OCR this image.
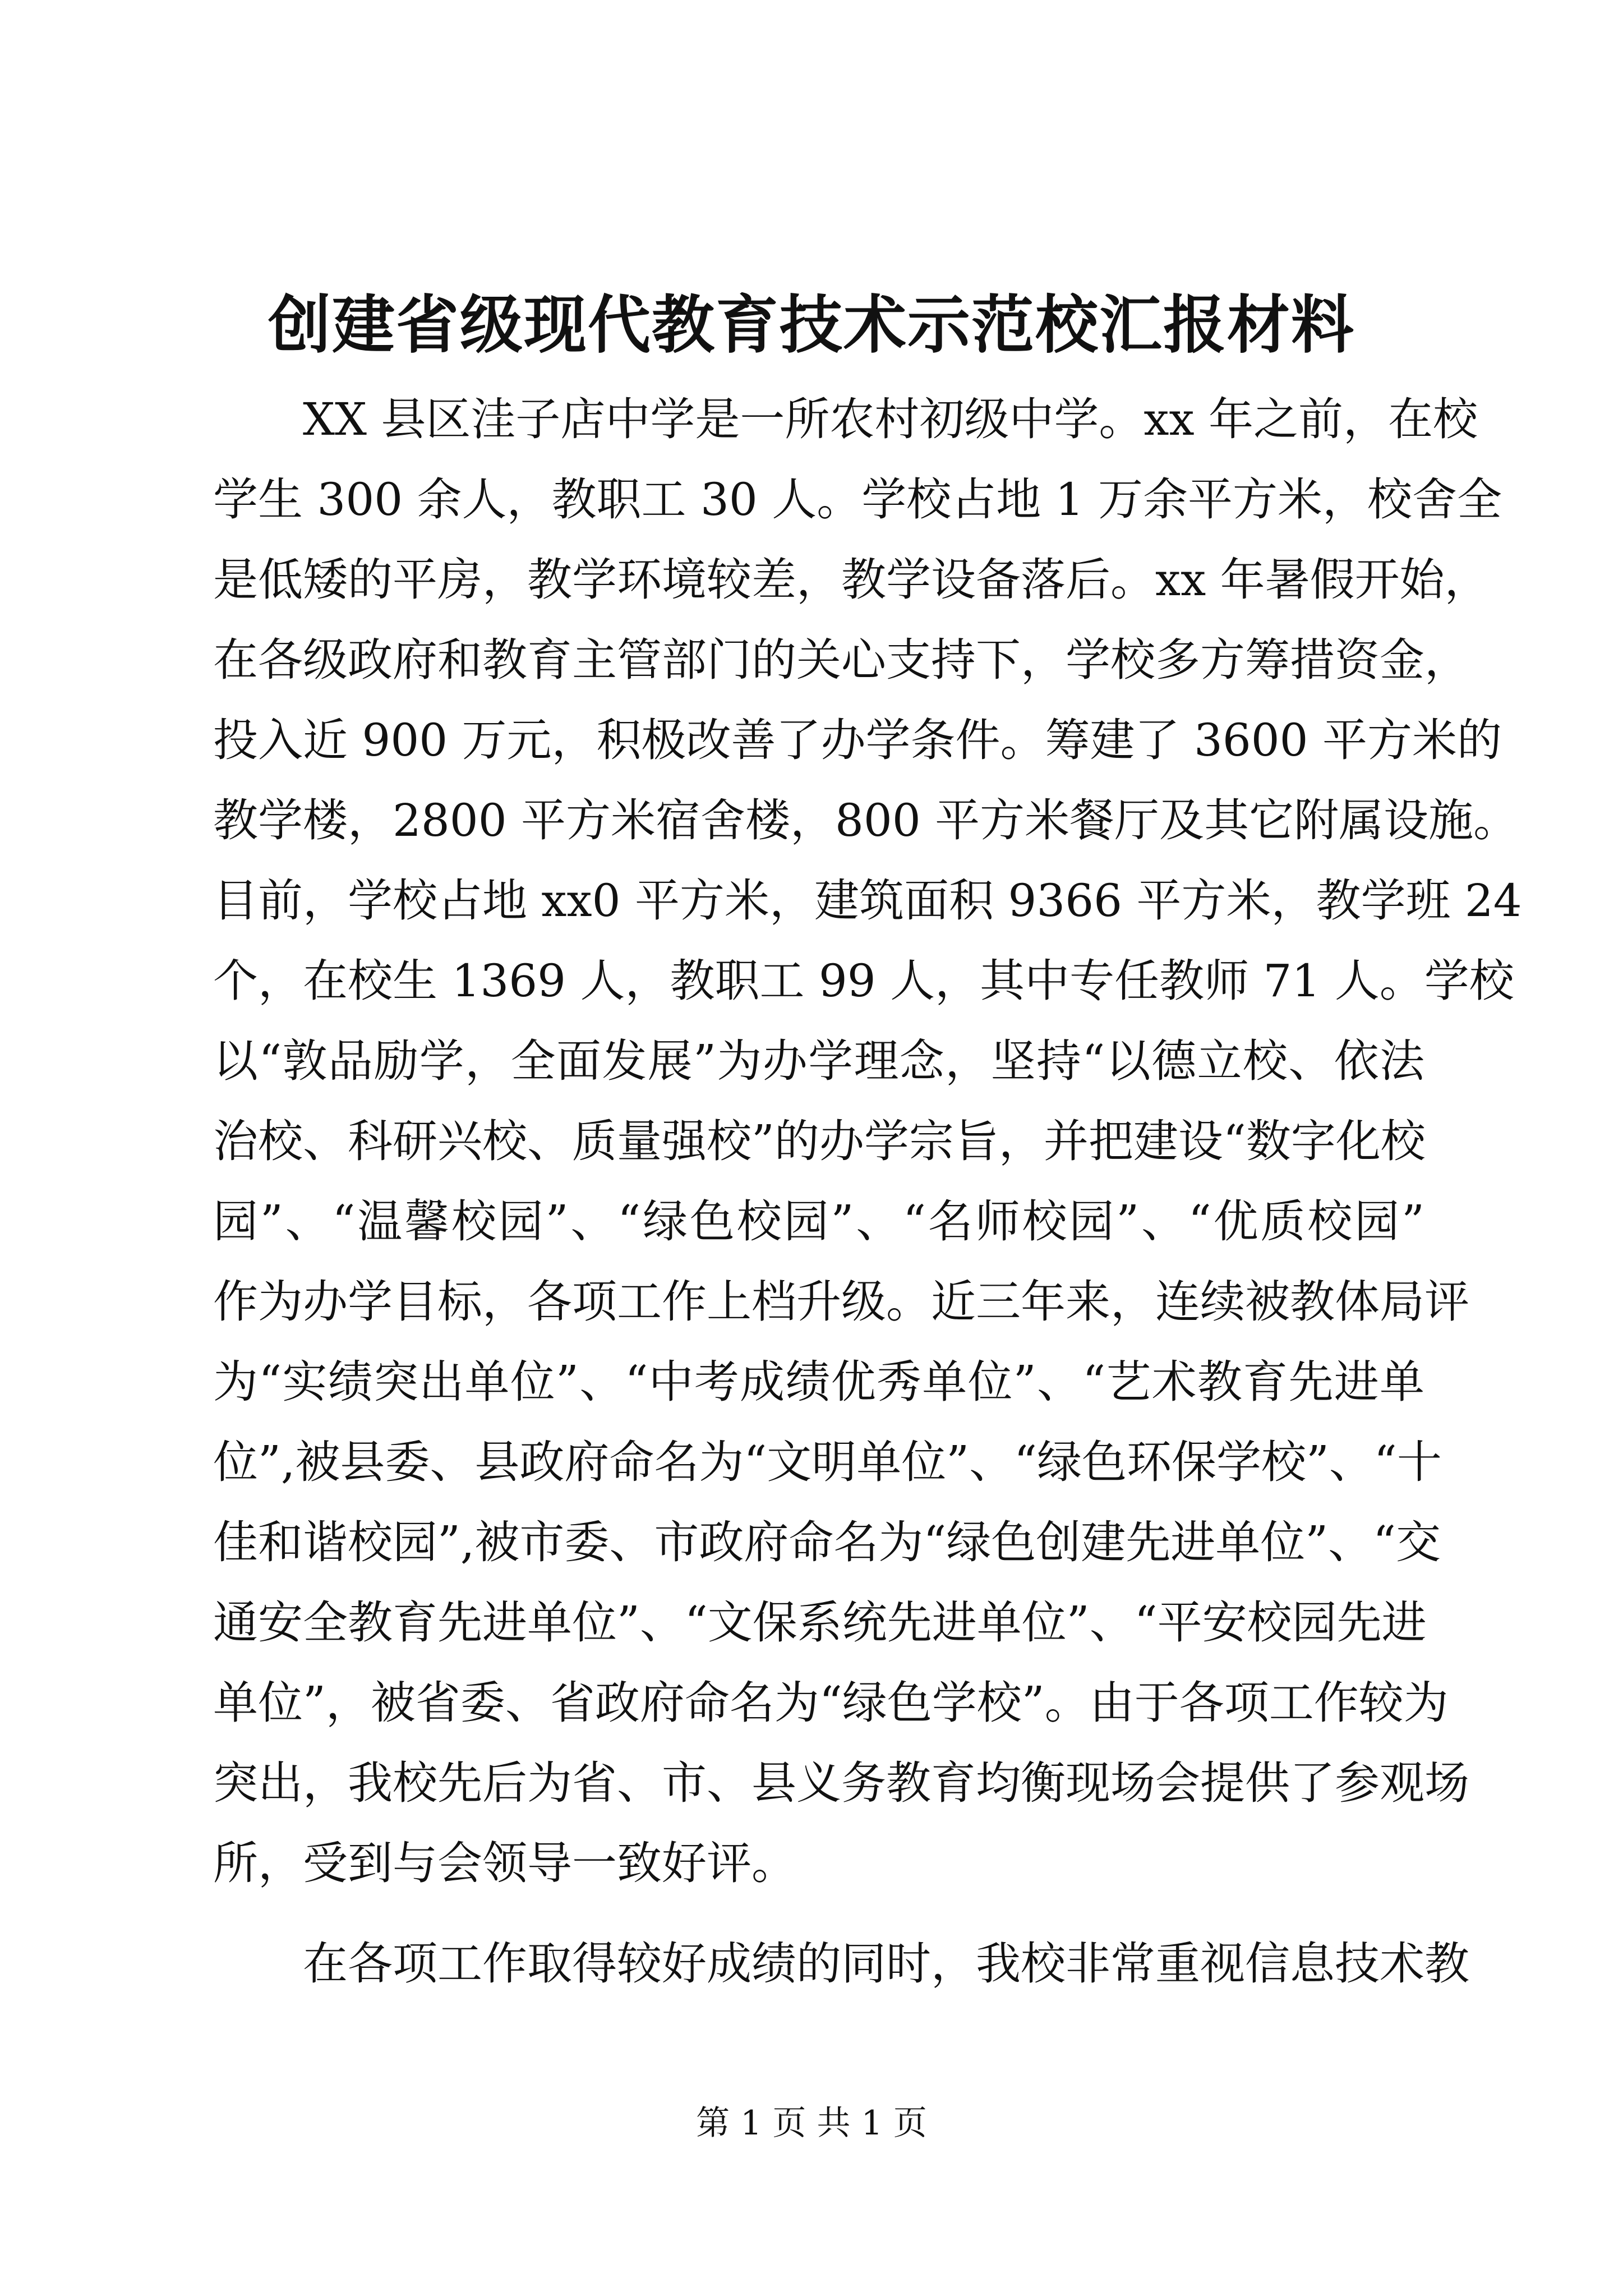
创建省级现代教育技术示范校汇报材料
XX 县区洼子店中学是一所农村初级中学。xx 年之前，在校
学生 300 余人，教职工 30 人。学校占地 1 万余平方米，校舍全
是低矮的平房，教学环境较差，教学设备落后。xx 年暑假开始，
在各级政府和教育主管部门的关心支持下，学校多方筹措资金，
投入近 900 万元，积极改善了办学条件。筹建了 3600 平方米的
教学楼，2800 平方米宿舍楼，800 平方米餐厅及其它附属设施。
目前，学校占地 xx0 平方米，建筑面积 9366 平方米，教学班 24
个，在校生 1369 人，教职工 99 人，其中专任教师 71 人。学校
以“敦品励学，全面发展”为办学理念，坚持“以德立校、依法
治校、科研兴校、质量强校”的办学宗旨，并把建设“数字化校
园”、“温馨校园”、“绿色校园”、“名师校园”、“优质校园”
作为办学目标，各项工作上档升级。近三年来，连续被教体局评
为“实绩突出单位”、“中考成绩优秀单位”、“艺术教育先进单
位”,被县委、县政府命名为“文明单位”、“绿色环保学校”、“十
佳和谐校园”,被市委、市政府命名为“绿色创建先进单位”、“交
通安全教育先进单位”、“文保系统先进单位”、“平安校园先进
单位”，被省委、省政府命名为“绿色学校”。由于各项工作较为
突出，我校先后为省、市、县义务教育均衡现场会提供了参观场
所，受到与会领导一致好评。
在各项工作取得较好成绩的同时，我校非常重视信息技术教
第 1 页 共 1 页
